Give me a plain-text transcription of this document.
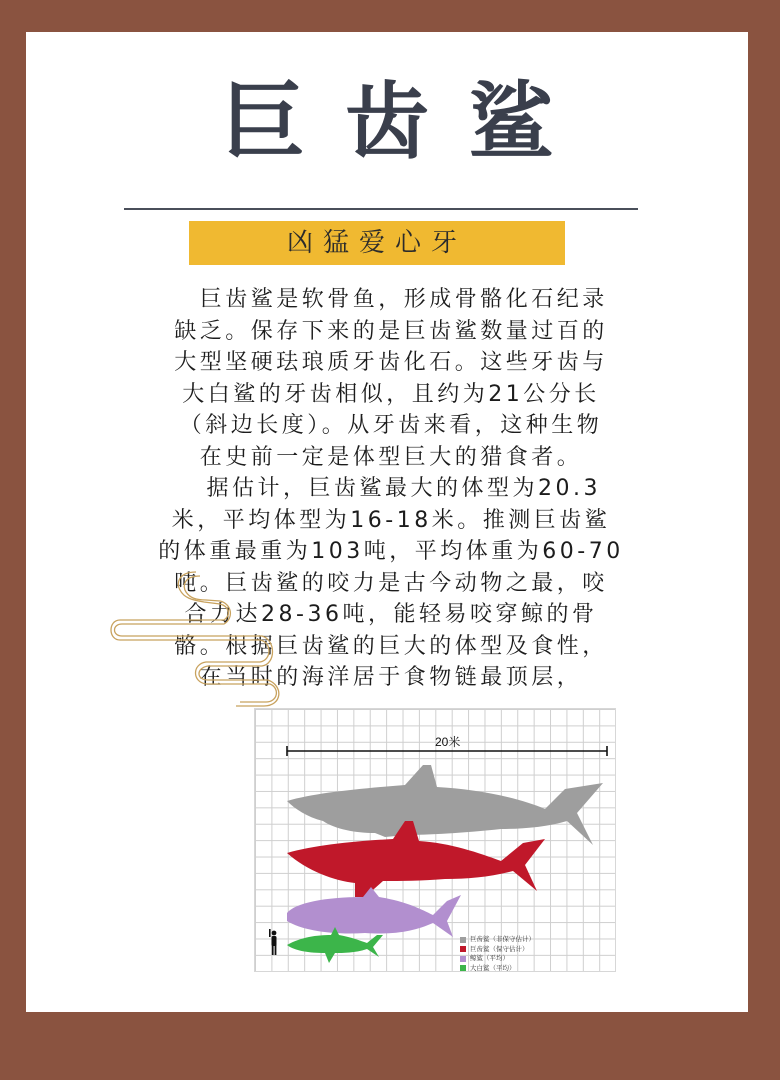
巨齿鲨
凶猛爱心牙

　巨齿鲨是软骨鱼，形成骨骼化石纪录
缺乏。保存下来的是巨齿鲨数量过百的
大型坚硬珐琅质牙齿化石。这些牙齿与
大白鲨的牙齿相似，且约为21公分长
（斜边长度）。从牙齿来看，这种生物
在史前一定是体型巨大的猎食者。

　据估计，巨齿鲨最大的体型为20.3
米，平均体型为16-18米。推测巨齿鲨
的体重最重为103吨，平均体重为60-70
吨。巨齿鲨的咬力是古今动物之最，咬
合力达28-36吨，能轻易咬穿鲸的骨
骼。根据巨齿鲨的巨大的体型及食性，
在当时的海洋居于食物链最顶层，

20米
巨齿鲨（非保守估计）
巨齿鲨（保守估计）
鲸鲨（平均）
大白鲨（平均）
